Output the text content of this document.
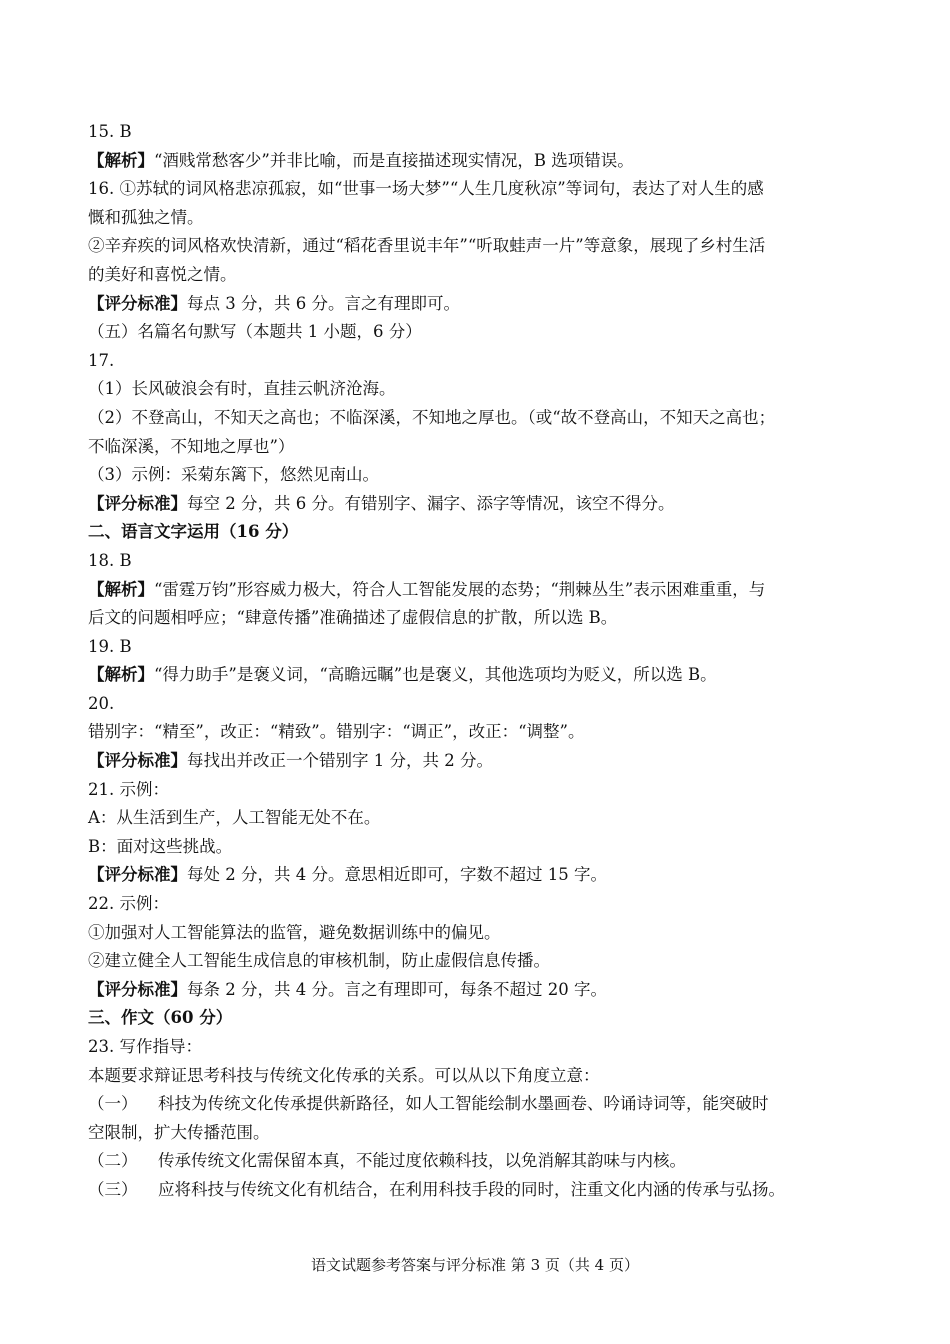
15. B

【解析】“酒贱常愁客少”并非比喻，而是直接描述现实情况，B 选项错误。

16. ①苏轼的词风格悲凉孤寂，如“世事一场大梦”“人生几度秋凉”等词句，表达了对人生的感

慨和孤独之情。

②辛弃疾的词风格欢快清新，通过“稻花香里说丰年”“听取蛙声一片”等意象，展现了乡村生活

的美好和喜悦之情。

【评分标准】每点 3 分，共 6 分。言之有理即可。

（五）名篇名句默写（本题共 1 小题，6 分）

17.

（1）长风破浪会有时，直挂云帆济沧海。

（2）不登高山，不知天之高也；不临深溪，不知地之厚也。（或“故不登高山，不知天之高也；

不临深溪，不知地之厚也”）

（3）示例：采菊东篱下，悠然见南山。

【评分标准】每空 2 分，共 6 分。有错别字、漏字、添字等情况，该空不得分。

二、语言文字运用（16 分）

18. B

【解析】“雷霆万钧”形容威力极大，符合人工智能发展的态势；“荆棘丛生”表示困难重重，与

后文的问题相呼应；“肆意传播”准确描述了虚假信息的扩散，所以选 B。

19. B

【解析】“得力助手”是褒义词，“高瞻远瞩”也是褒义，其他选项均为贬义，所以选 B。

20.

错别字：“精至”，改正：“精致”。错别字：“调正”，改正：“调整”。

【评分标准】每找出并改正一个错别字 1 分，共 2 分。

21. 示例：

A：从生活到生产，人工智能无处不在。

B：面对这些挑战。

【评分标准】每处 2 分，共 4 分。意思相近即可，字数不超过 15 字。

22. 示例：

①加强对人工智能算法的监管，避免数据训练中的偏见。

②建立健全人工智能生成信息的审核机制，防止虚假信息传播。

【评分标准】每条 2 分，共 4 分。言之有理即可，每条不超过 20 字。

三、作文（60 分）

23. 写作指导：

本题要求辩证思考科技与传统文化传承的关系。可以从以下角度立意：

（一） 科技为传统文化传承提供新路径，如人工智能绘制水墨画卷、吟诵诗词等，能突破时

空限制，扩大传播范围。

（二） 传承传统文化需保留本真，不能过度依赖科技，以免消解其韵味与内核。

（三） 应将科技与传统文化有机结合，在利用科技手段的同时，注重文化内涵的传承与弘扬。

语文试题参考答案与评分标准 第 3 页（共 4 页）
